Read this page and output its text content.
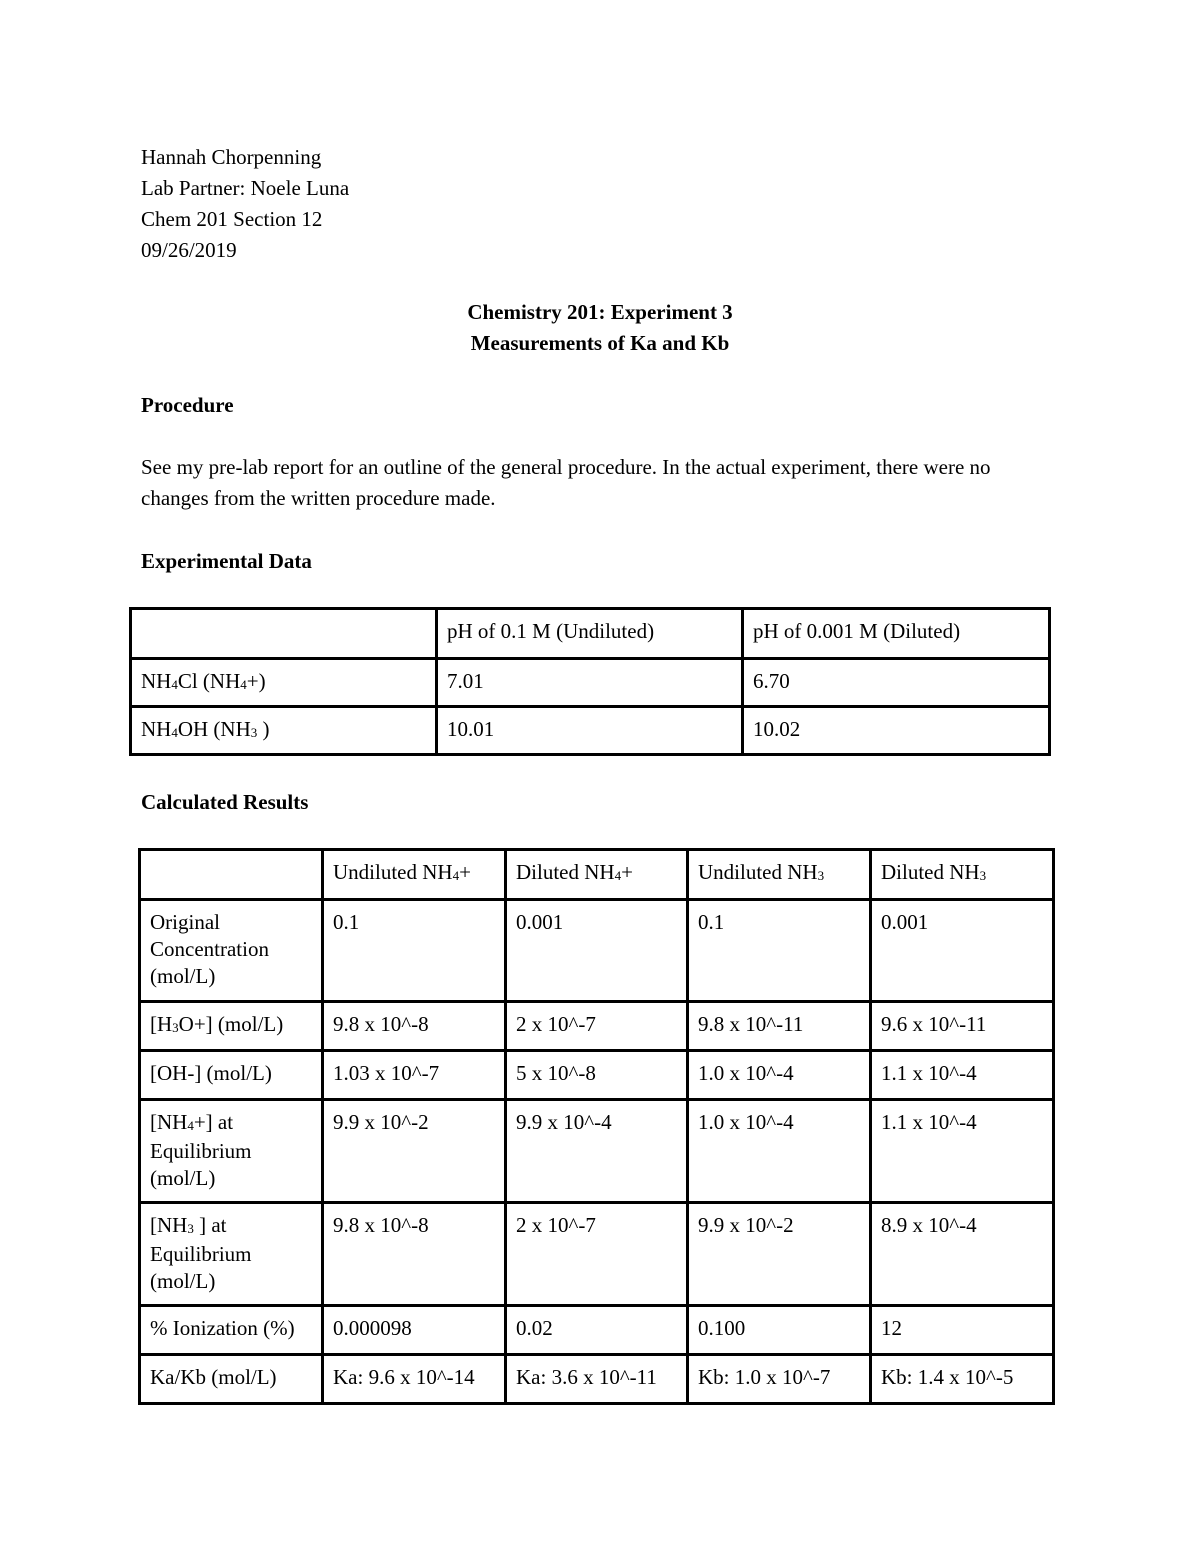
Hannah Chorpenning
Lab Partner: Noele Luna
Chem 201 Section 12
09/26/2019
Chemistry 201: Experiment 3
Measurements of Ka and Kb
Procedure
See my pre-lab report for an outline of the general procedure. In the actual experiment, there were no changes from the written procedure made.
Experimental Data
	pH of 0.1 M (Undiluted)	pH of 0.001 M (Diluted)
NH4Cl (NH4+)	7.01	6.70
NH4OH (NH3 )	10.01	10.02
Calculated Results
	Undiluted NH4+	Diluted NH4+	Undiluted NH3	Diluted NH3
Original Concentration (mol/L)	0.1	0.001	0.1	0.001
[H3O+] (mol/L)	9.8 x 10^-8	2 x 10^-7	9.8 x 10^-11	9.6 x 10^-11
[OH-] (mol/L)	1.03 x 10^-7	5 x 10^-8	1.0 x 10^-4	1.1 x 10^-4
[NH4+] at Equilibrium (mol/L)	9.9 x 10^-2	9.9 x 10^-4	1.0 x 10^-4	1.1 x 10^-4
[NH3 ] at Equilibrium (mol/L)	9.8 x 10^-8	2 x 10^-7	9.9 x 10^-2	8.9 x 10^-4
% Ionization (%)	0.000098	0.02	0.100	12
Ka/Kb (mol/L)	Ka: 9.6 x 10^-14	Ka: 3.6 x 10^-11	Kb: 1.0 x 10^-7	Kb: 1.4 x 10^-5
